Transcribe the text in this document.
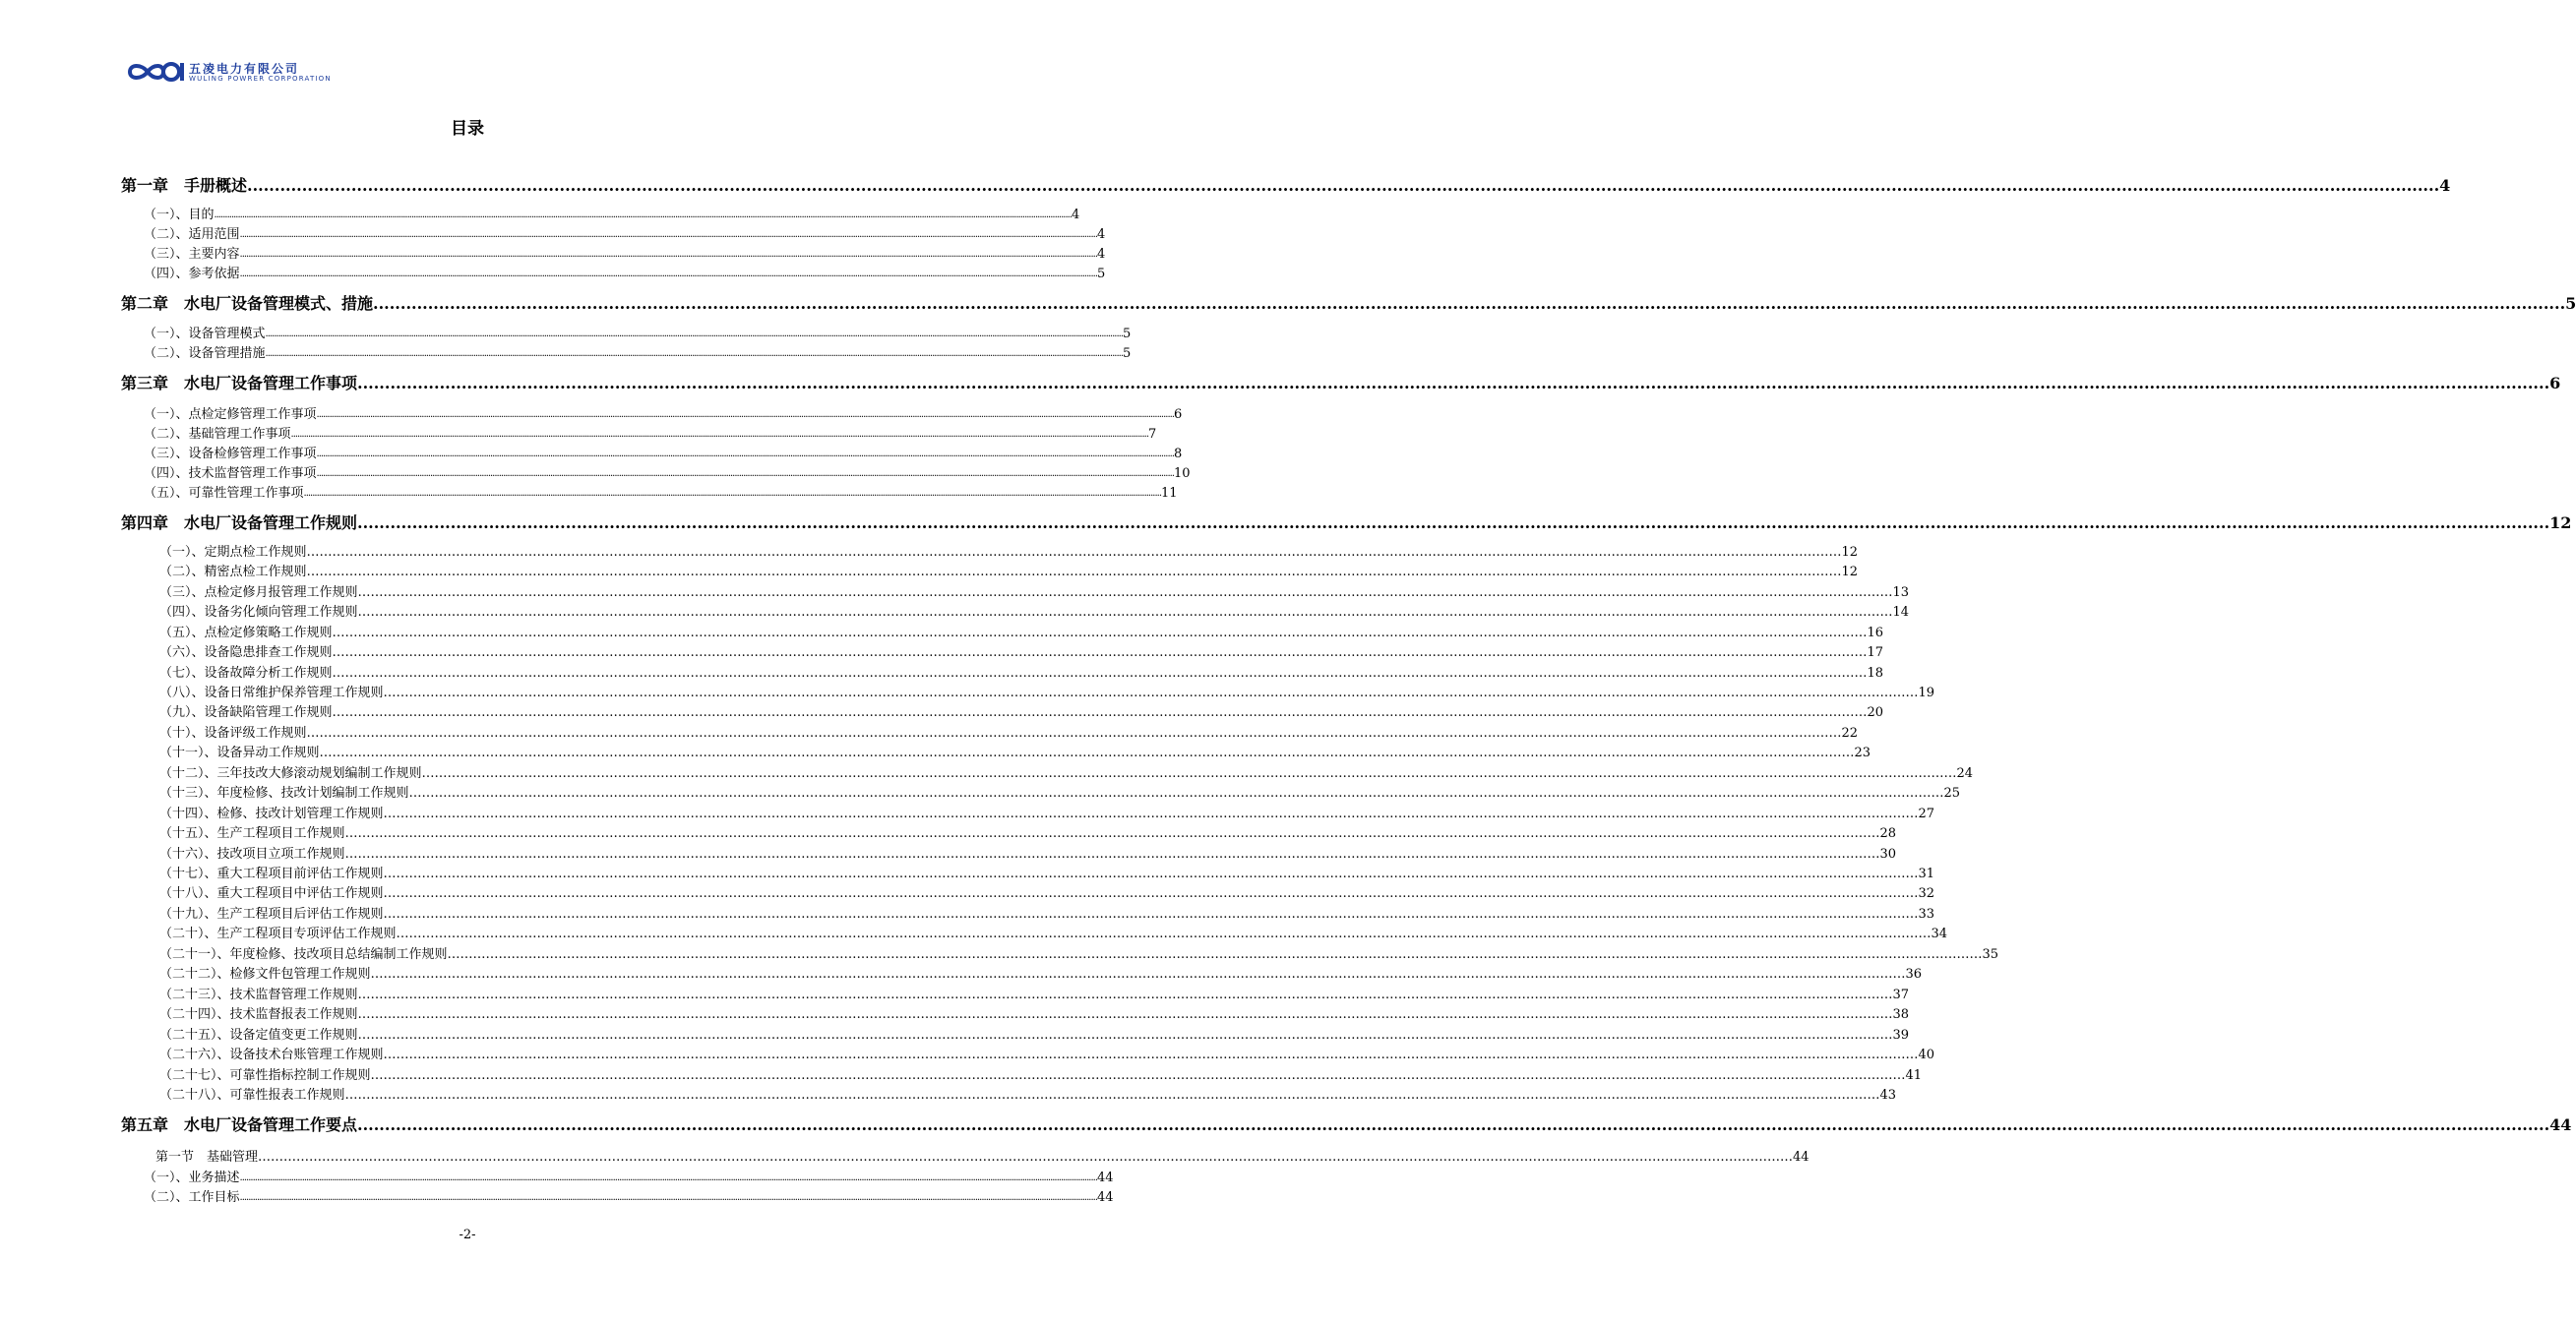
五凌电力有限公司
WULING POWRER CORPORATION
目录
第一章　手册概述 ................................................................................................................................................................................................................................................................................................................................................................................................................ 4
（一）、目的 ................................................................................................................................................................................................................................................................................................................................................................................................................ 4
（二）、适用范围 ................................................................................................................................................................................................................................................................................................................................................................................................................ 4
（三）、主要内容 ................................................................................................................................................................................................................................................................................................................................................................................................................ 4
（四）、参考依据 ................................................................................................................................................................................................................................................................................................................................................................................................................ 5
第二章　水电厂设备管理模式、措施 ................................................................................................................................................................................................................................................................................................................................................................................................................ 5
（一）、设备管理模式 ................................................................................................................................................................................................................................................................................................................................................................................................................ 5
（二）、设备管理措施 ................................................................................................................................................................................................................................................................................................................................................................................................................ 5
第三章　水电厂设备管理工作事项 ................................................................................................................................................................................................................................................................................................................................................................................................................ 6
（一）、点检定修管理工作事项 ................................................................................................................................................................................................................................................................................................................................................................................................................ 6
（二）、基础管理工作事项 ................................................................................................................................................................................................................................................................................................................................................................................................................ 7
（三）、设备检修管理工作事项 ................................................................................................................................................................................................................................................................................................................................................................................................................ 8
（四）、技术监督管理工作事项 ................................................................................................................................................................................................................................................................................................................................................................................................................ 10
（五）、可靠性管理工作事项 ................................................................................................................................................................................................................................................................................................................................................................................................................ 11
第四章　水电厂设备管理工作规则 ................................................................................................................................................................................................................................................................................................................................................................................................................ 12
（一）、定期点检工作规则 ……………………………………………………………………………………………………………………………………………………………………………………………………………………………………………………………………………………………………………………………… 12
（二）、精密点检工作规则 ……………………………………………………………………………………………………………………………………………………………………………………………………………………………………………………………………………………………………………………………… 12
（三）、点检定修月报管理工作规则 ……………………………………………………………………………………………………………………………………………………………………………………………………………………………………………………………………………………………………………………………… 13
（四）、设备劣化倾向管理工作规则 ……………………………………………………………………………………………………………………………………………………………………………………………………………………………………………………………………………………………………………………………… 14
（五）、点检定修策略工作规则 ……………………………………………………………………………………………………………………………………………………………………………………………………………………………………………………………………………………………………………………………… 16
（六）、设备隐患排查工作规则 ……………………………………………………………………………………………………………………………………………………………………………………………………………………………………………………………………………………………………………………………… 17
（七）、设备故障分析工作规则 ……………………………………………………………………………………………………………………………………………………………………………………………………………………………………………………………………………………………………………………………… 18
（八）、设备日常维护保养管理工作规则 ……………………………………………………………………………………………………………………………………………………………………………………………………………………………………………………………………………………………………………………………… 19
（九）、设备缺陷管理工作规则 ……………………………………………………………………………………………………………………………………………………………………………………………………………………………………………………………………………………………………………………………… 20
（十）、设备评级工作规则 ……………………………………………………………………………………………………………………………………………………………………………………………………………………………………………………………………………………………………………………………… 22
（十一）、设备异动工作规则 ……………………………………………………………………………………………………………………………………………………………………………………………………………………………………………………………………………………………………………………………… 23
（十二）、三年技改大修滚动规划编制工作规则 ……………………………………………………………………………………………………………………………………………………………………………………………………………………………………………………………………………………………………………………………… 24
（十三）、年度检修、技改计划编制工作规则 ……………………………………………………………………………………………………………………………………………………………………………………………………………………………………………………………………………………………………………………………… 25
（十四）、检修、技改计划管理工作规则 ……………………………………………………………………………………………………………………………………………………………………………………………………………………………………………………………………………………………………………………………… 27
（十五）、生产工程项目工作规则 ……………………………………………………………………………………………………………………………………………………………………………………………………………………………………………………………………………………………………………………………… 28
（十六）、技改项目立项工作规则 ……………………………………………………………………………………………………………………………………………………………………………………………………………………………………………………………………………………………………………………………… 30
（十七）、重大工程项目前评估工作规则 ……………………………………………………………………………………………………………………………………………………………………………………………………………………………………………………………………………………………………………………………… 31
（十八）、重大工程项目中评估工作规则 ……………………………………………………………………………………………………………………………………………………………………………………………………………………………………………………………………………………………………………………………… 32
（十九）、生产工程项目后评估工作规则 ……………………………………………………………………………………………………………………………………………………………………………………………………………………………………………………………………………………………………………………………… 33
（二十）、生产工程项目专项评估工作规则 ……………………………………………………………………………………………………………………………………………………………………………………………………………………………………………………………………………………………………………………………… 34
（二十一）、年度检修、技改项目总结编制工作规则 ……………………………………………………………………………………………………………………………………………………………………………………………………………………………………………………………………………………………………………………………… 35
（二十二）、检修文件包管理工作规则 ……………………………………………………………………………………………………………………………………………………………………………………………………………………………………………………………………………………………………………………………… 36
（二十三）、技术监督管理工作规则 ……………………………………………………………………………………………………………………………………………………………………………………………………………………………………………………………………………………………………………………………… 37
（二十四）、技术监督报表工作规则 ……………………………………………………………………………………………………………………………………………………………………………………………………………………………………………………………………………………………………………………………… 38
（二十五）、设备定值变更工作规则 ……………………………………………………………………………………………………………………………………………………………………………………………………………………………………………………………………………………………………………………………… 39
（二十六）、设备技术台账管理工作规则 ……………………………………………………………………………………………………………………………………………………………………………………………………………………………………………………………………………………………………………………………… 40
（二十七）、可靠性指标控制工作规则 ……………………………………………………………………………………………………………………………………………………………………………………………………………………………………………………………………………………………………………………………… 41
（二十八）、可靠性报表工作规则 ……………………………………………………………………………………………………………………………………………………………………………………………………………………………………………………………………………………………………………………………… 43
第五章　水电厂设备管理工作要点 ................................................................................................................................................................................................................................................................................................................................................................................................................ 44
第一节　基础管理 ……………………………………………………………………………………………………………………………………………………………………………………………………………………………………………………………………………………………………………………………… 44
（一）、业务描述 ................................................................................................................................................................................................................................................................................................................................................................................................................ 44
（二）、工作目标 ................................................................................................................................................................................................................................................................................................................................................................................................................ 44
-2-
